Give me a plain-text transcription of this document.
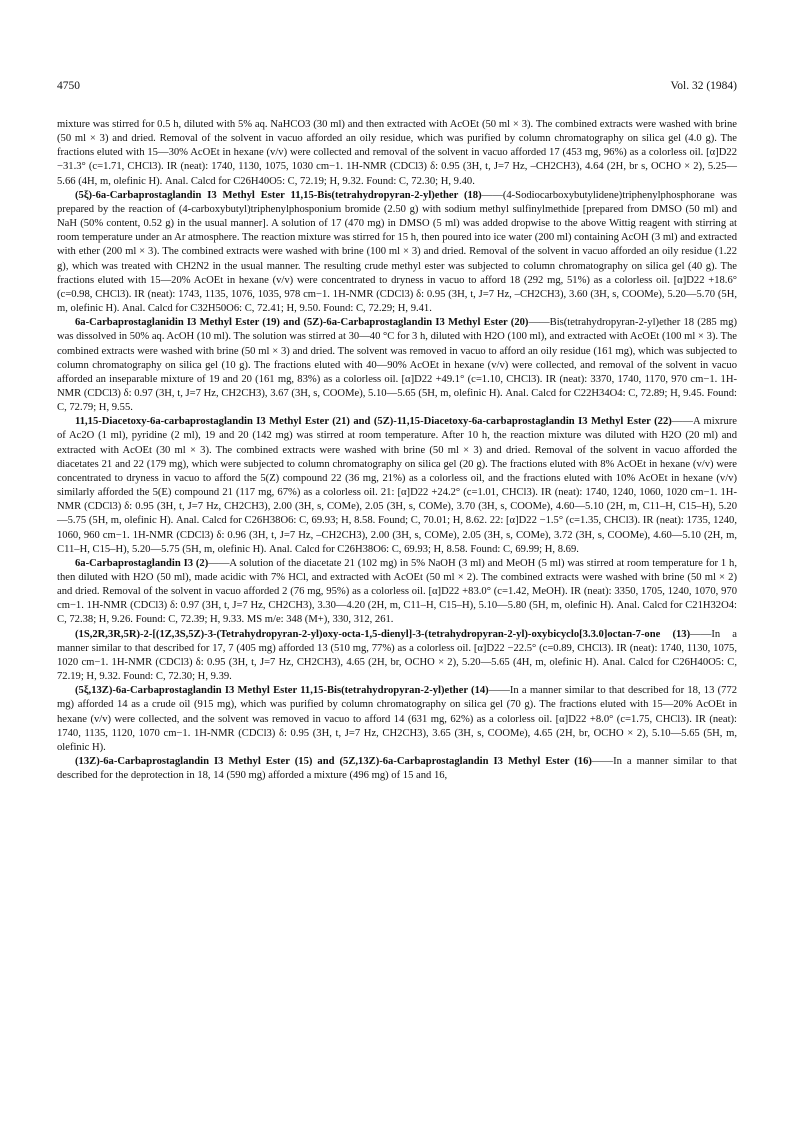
4750	Vol. 32 (1984)

mixture was stirred for 0.5 h, diluted with 5% aq. NaHCO3 (30 ml) and then extracted with AcOEt (50 ml × 3). The combined extracts were washed with brine (50 ml × 3) and dried. Removal of the solvent in vacuo afforded an oily residue, which was purified by column chromatography on silica gel (4.0 g). The fractions eluted with 15—30% AcOEt in hexane (v/v) were collected and removal of the solvent in vacuo afforded 17 (453 mg, 96%) as a colorless oil. [α]D22 −31.3° (c=1.71, CHCl3). IR (neat): 1740, 1130, 1075, 1030 cm−1. 1H-NMR (CDCl3) δ: 0.95 (3H, t, J=7 Hz, –CH2CH3), 4.64 (2H, br s, OCHO × 2), 5.25—5.66 (4H, m, olefinic H). Anal. Calcd for C26H40O5: C, 72.19; H, 9.32. Found: C, 72.30; H, 9.40.

(5ξ)-6a-Carbaprostaglandin I3 Methyl Ester 11,15-Bis(tetrahydropyran-2-yl)ether (18)——(4-Sodiocarboxybutylidene)triphenylphosphorane was prepared by the reaction of (4-carboxybutyl)triphenylphosponium bromide (2.50 g) with sodium methyl sulfinylmethide [prepared from DMSO (50 ml) and NaH (50% content, 0.52 g) in the usual manner]. A solution of 17 (470 mg) in DMSO (5 ml) was added dropwise to the above Wittig reagent with stirring at room temperature under an Ar atmosphere. The reaction mixture was stirred for 15 h, then poured into ice water (200 ml) containing AcOH (3 ml) and extracted with ether (200 ml × 3). The combined extracts were washed with brine (100 ml × 3) and dried. Removal of the solvent in vacuo afforded an oily residue (1.22 g), which was treated with CH2N2 in the usual manner. The resulting crude methyl ester was subjected to column chromatography on silica gel (40 g). The fractions eluted with 15—20% AcOEt in hexane (v/v) were concentrated to dryness in vacuo to afford 18 (292 mg, 51%) as a colorless oil. [α]D22 +18.6° (c=0.98, CHCl3). IR (neat): 1743, 1135, 1076, 1035, 978 cm−1. 1H-NMR (CDCl3) δ: 0.95 (3H, t, J=7 Hz, –CH2CH3), 3.60 (3H, s, COOMe), 5.20—5.70 (5H, m, olefinic H). Anal. Calcd for C32H50O6: C, 72.41; H, 9.50. Found: C, 72.29; H, 9.41.

6a-Carbaprostaglanidin I3 Methyl Ester (19) and (5Z)-6a-Carbaprostaglandin I3 Methyl Ester (20)——Bis(tetrahydropyran-2-yl)ether 18 (285 mg) was dissolved in 50% aq. AcOH (10 ml). The solution was stirred at 30—40 °C for 3 h, diluted with H2O (100 ml), and extracted with AcOEt (100 ml × 3). The combined extracts were washed with brine (50 ml × 3) and dried. The solvent was removed in vacuo to afford an oily residue (161 mg), which was subjected to column chromatography on silica gel (10 g). The fractions eluted with 40—90% AcOEt in hexane (v/v) were collected, and removal of the solvent in vacuo afforded an inseparable mixture of 19 and 20 (161 mg, 83%) as a colorless oil. [α]D22 +49.1° (c=1.10, CHCl3). IR (neat): 3370, 1740, 1170, 970 cm−1. 1H-NMR (CDCl3) δ: 0.97 (3H, t, J=7 Hz, CH2CH3), 3.67 (3H, s, COOMe), 5.10—5.65 (5H, m, olefinic H). Anal. Calcd for C22H34O4: C, 72.89; H, 9.45. Found: C, 72.79; H, 9.55.

11,15-Diacetoxy-6a-carbaprostaglandin I3 Methyl Ester (21) and (5Z)-11,15-Diacetoxy-6a-carbaprostaglandin I3 Methyl Ester (22)——A mixrure of Ac2O (1 ml), pyridine (2 ml), 19 and 20 (142 mg) was stirred at room temperature. After 10 h, the reaction mixture was diluted with H2O (20 ml) and extracted with AcOEt (30 ml × 3). The combined extracts were washed with brine (50 ml × 3) and dried. Removal of the solvent in vacuo afforded the diacetates 21 and 22 (179 mg), which were subjected to column chromatography on silica gel (20 g). The fractions eluted with 8% AcOEt in hexane (v/v) were concentrated to dryness in vacuo to afford the 5(Z) compound 22 (36 mg, 21%) as a colorless oil, and the fractions eluted with 10% AcOEt in hexane (v/v) similarly afforded the 5(E) compound 21 (117 mg, 67%) as a colorless oil. 21: [α]D22 +24.2° (c=1.01, CHCl3). IR (neat): 1740, 1240, 1060, 1020 cm−1. 1H-NMR (CDCl3) δ: 0.95 (3H, t, J=7 Hz, CH2CH3), 2.00 (3H, s, COMe), 2.05 (3H, s, COMe), 3.70 (3H, s, COOMe), 4.60—5.10 (2H, m, C11–H, C15–H), 5.20—5.75 (5H, m, olefinic H). Anal. Calcd for C26H38O6: C, 69.93; H, 8.58. Found; C, 70.01; H, 8.62. 22: [α]D22 −1.5° (c=1.35, CHCl3). IR (neat): 1735, 1240, 1060, 960 cm−1. 1H-NMR (CDCl3) δ: 0.96 (3H, t, J=7 Hz, –CH2CH3), 2.00 (3H, s, COMe), 2.05 (3H, s, COMe), 3.72 (3H, s, COOMe), 4.60—5.10 (2H, m, C11–H, C15–H), 5.20—5.75 (5H, m, olefinic H). Anal. Calcd for C26H38O6: C, 69.93; H, 8.58. Found: C, 69.99; H, 8.69.

6a-Carbaprostaglandin I3 (2)——A solution of the diacetate 21 (102 mg) in 5% NaOH (3 ml) and MeOH (5 ml) was stirred at room temperature for 1 h, then diluted with H2O (50 ml), made acidic with 7% HCl, and extracted with AcOEt (50 ml × 2). The combined extracts were washed with brine (50 ml × 2) and dried. Removal of the solvent in vacuo afforded 2 (76 mg, 95%) as a colorless oil. [α]D22 +83.0° (c=1.42, MeOH). IR (neat): 3350, 1705, 1240, 1070, 970 cm−1. 1H-NMR (CDCl3) δ: 0.97 (3H, t, J=7 Hz, CH2CH3), 3.30—4.20 (2H, m, C11–H, C15–H), 5.10—5.80 (5H, m, olefinic H). Anal. Calcd for C21H32O4: C, 72.38; H, 9.26. Found: C, 72.39; H, 9.33. MS m/e: 348 (M+), 330, 312, 261.

(1S,2R,3R,5R)-2-[(1Z,3S,5Z)-3-(Tetrahydropyran-2-yl)oxy-octa-1,5-dienyl]-3-(tetrahydropyran-2-yl)-oxybicyclo[3.3.0]octan-7-one (13)——In a manner similar to that described for 17, 7 (405 mg) afforded 13 (510 mg, 77%) as a colorless oil. [α]D22 −22.5° (c=0.89, CHCl3). IR (neat): 1740, 1130, 1075, 1020 cm−1. 1H-NMR (CDCl3) δ: 0.95 (3H, t, J=7 Hz, CH2CH3), 4.65 (2H, br, OCHO × 2), 5.20—5.65 (4H, m, olefinic H). Anal. Calcd for C26H40O5: C, 72.19; H, 9.32. Found: C, 72.30; H, 9.39.

(5ξ,13Z)-6a-Carbaprostaglandin I3 Methyl Ester 11,15-Bis(tetrahydropyran-2-yl)ether (14)——In a manner similar to that described for 18, 13 (772 mg) afforded 14 as a crude oil (915 mg), which was purified by column chromatography on silica gel (70 g). The fractions eluted with 15—20% AcOEt in hexane (v/v) were collected, and the solvent was removed in vacuo to afford 14 (631 mg, 62%) as a colorless oil. [α]D22 +8.0° (c=1.75, CHCl3). IR (neat): 1740, 1135, 1120, 1070 cm−1. 1H-NMR (CDCl3) δ: 0.95 (3H, t, J=7 Hz, CH2CH3), 3.65 (3H, s, COOMe), 4.65 (2H, br, OCHO × 2), 5.10—5.65 (5H, m, olefinic H).

(13Z)-6a-Carbaprostaglandin I3 Methyl Ester (15) and (5Z,13Z)-6a-Carbaprostaglandin I3 Methyl Ester (16)——In a manner similar to that described for the deprotection in 18, 14 (590 mg) afforded a mixture (496 mg) of 15 and 16,
